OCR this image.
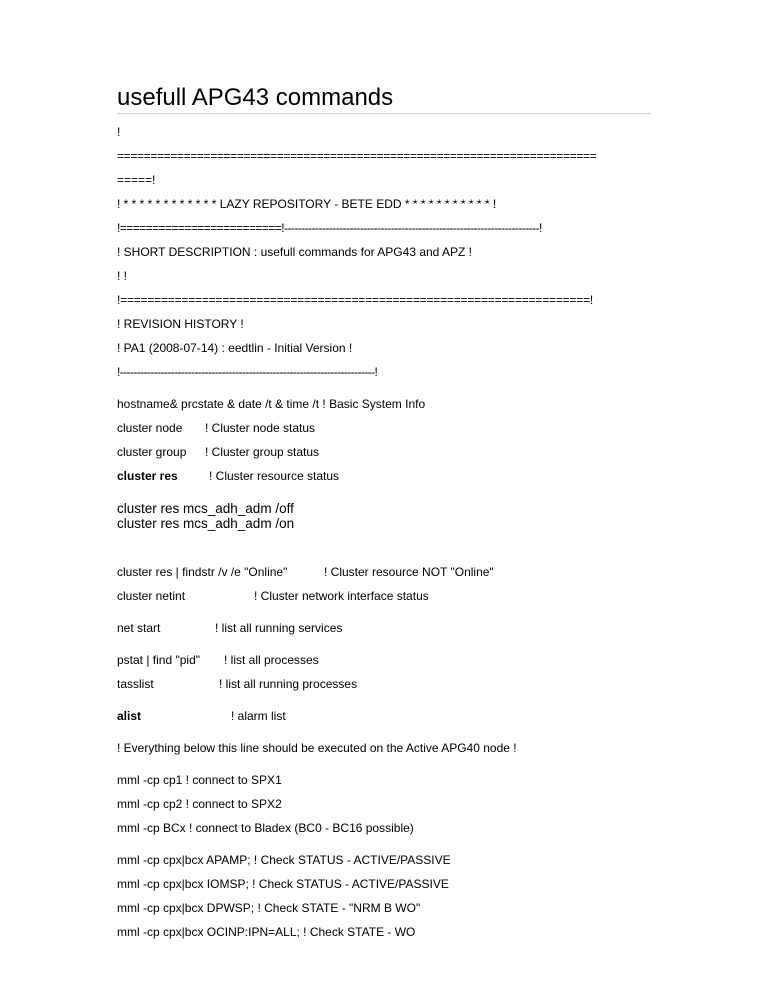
usefull APG43 commands
!
========================================================================
=====!
! * * * * * * * * * * * * LAZY REPOSITORY - BETE EDD * * * * * * * * * * * !
!=========================!--------------------------------------------------------------------------!
! SHORT DESCRIPTION : usefull commands for APG43 and APZ !
! !
!=====================================================================!
! REVISION HISTORY !
! PA1 (2008-07-14) : eedtlin - Initial Version !
!---------------------------------------------------------------------------!
hostname& prcstate & date /t & time /t ! Basic System Info
cluster node ! Cluster node status
cluster group ! Cluster group status
cluster res	! Cluster resource status
cluster res mcs_adh_adm /off
cluster res mcs_adh_adm /on
cluster res | findstr /v /e "Online"	! Cluster resource NOT "Online"
cluster netint	! Cluster network interface status
net start	! list all running services
pstat | find "pid" ! list all processes
tasslist	! list all running processes
alist	! alarm list
! Everything below this line should be executed on the Active APG40 node !
mml -cp cp1 ! connect to SPX1
mml -cp cp2 ! connect to SPX2
mml -cp BCx ! connect to Bladex (BC0 - BC16 possible)
mml -cp cpx|bcx APAMP; ! Check STATUS - ACTIVE/PASSIVE
mml -cp cpx|bcx IOMSP; ! Check STATUS - ACTIVE/PASSIVE
mml -cp cpx|bcx DPWSP; ! Check STATE - "NRM B WO"
mml -cp cpx|bcx OCINP:IPN=ALL; ! Check STATE - WO
